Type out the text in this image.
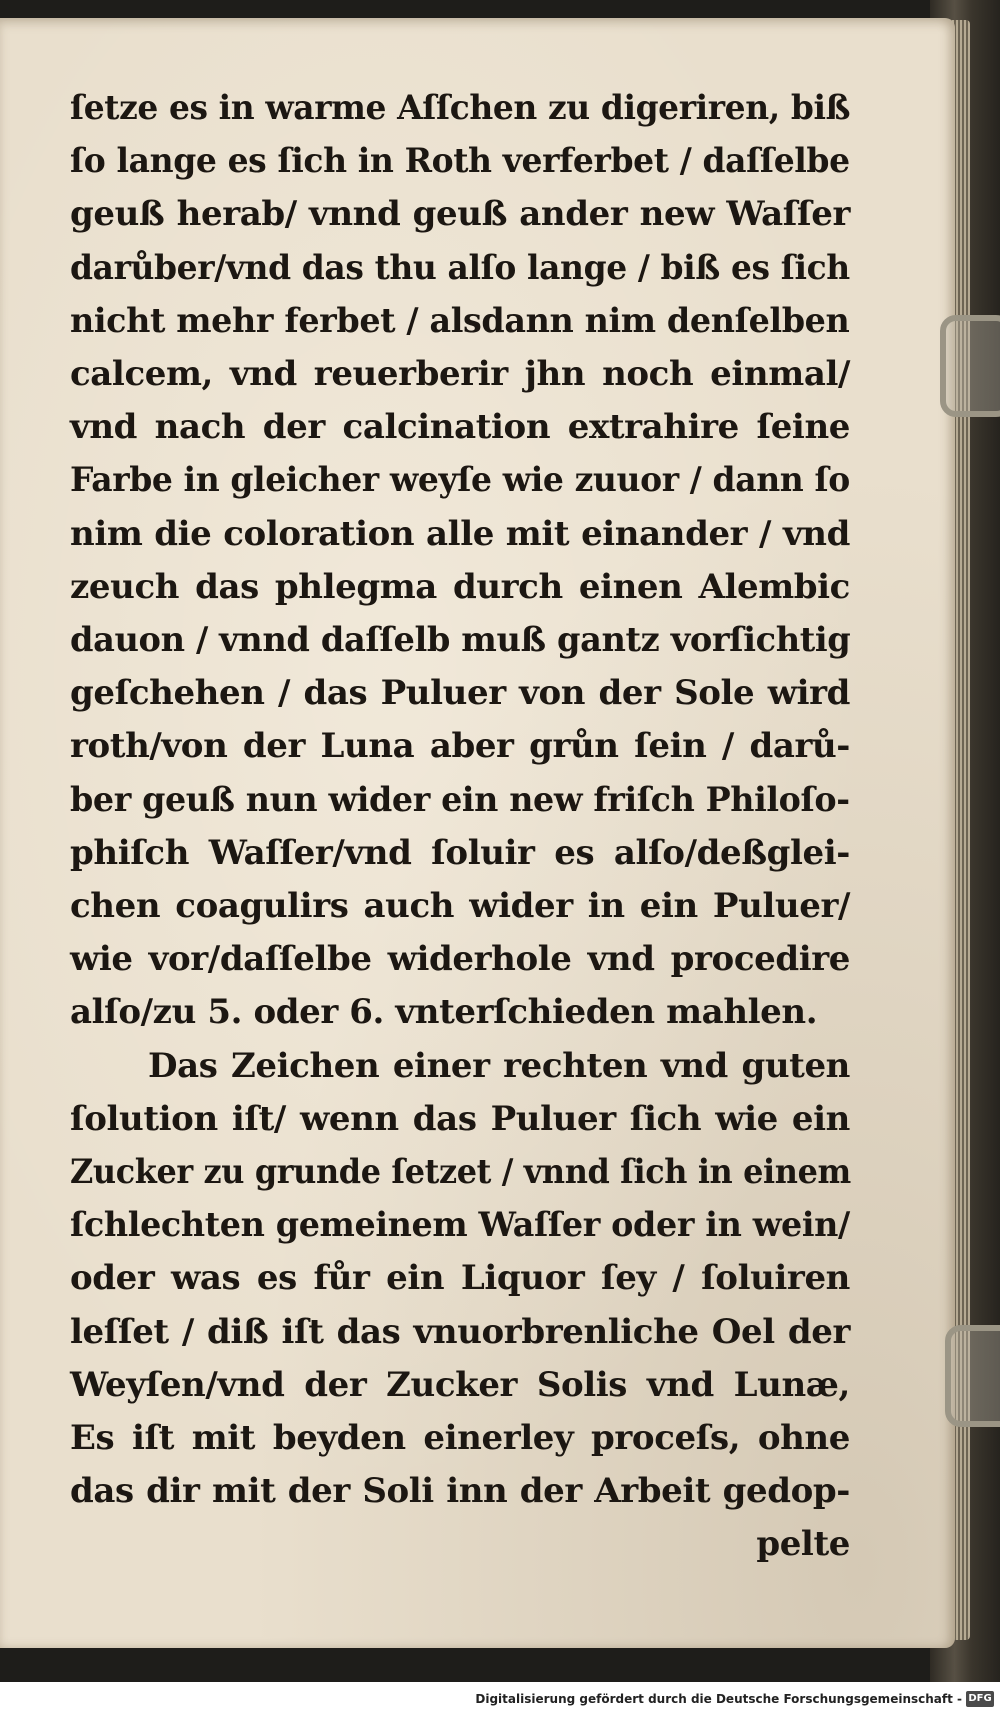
ſetze es in warme Aſſchen zu digeriren, biß
ſo lange es ſich in Roth verferbet / daſſelbe
geuß herab/ vnnd geuß ander new Waſſer
darůber/vnd das thu alſo lange / biß es ſich
nicht mehr ferbet / alsdann nim denſelben
calcem, vnd reuerberir jhn noch einmal/
vnd nach der calcination extrahire ſeine
Farbe in gleicher weyſe wie zuuor / dann ſo
nim die coloration alle mit einander / vnd
zeuch das phlegma durch einen Alembic
dauon / vnnd daſſelb muß gantz vorſichtig
geſchehen / das Puluer von der Sole wird
roth/von der Luna aber grůn ſein / darů-
ber geuß nun wider ein new friſch Philoſo-
phiſch Waſſer/vnd ſoluir es alſo/deßglei-
chen coagulirs auch wider in ein Puluer/
wie vor/daſſelbe widerhole vnd procedire
alſo/zu 5. oder 6. vnterſchieden mahlen.
Das Zeichen einer rechten vnd guten
ſolution iſt/ wenn das Puluer ſich wie ein
Zucker zu grunde ſetzet / vnnd ſich in einem
ſchlechten gemeinem Waſſer oder in wein/
oder was es fůr ein Liquor ſey / ſoluiren
leſſet / diß iſt das vnuorbrenliche Oel der
Weyſen/vnd der Zucker Solis vnd Lunæ,
Es iſt mit beyden einerley proceſs, ohne
das dir mit der Soli inn der Arbeit gedop-
pelte
Digitalisierung gefördert durch die Deutsche Forschungsgemeinschaft - DFG
